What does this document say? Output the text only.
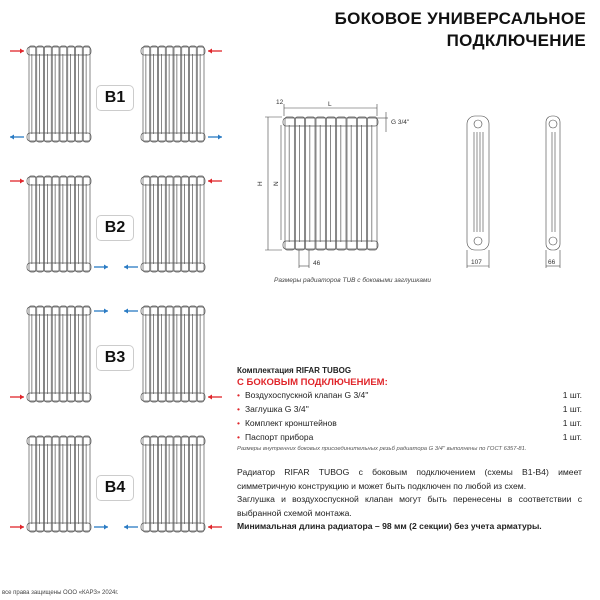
БОКОВОЕ УНИВЕРСАЛЬНОЕ
ПОДКЛЮЧЕНИЕ
В1
В2
В3
В4
12	L
H N
G 3/4''
46	107	66
Размеры радиаторов TUB с боковыми заглушками
Комплектация RIFAR TUBOG
С БОКОВЫМ ПОДКЛЮЧЕНИЕМ:
• Воздухоспускной клапан G 3/4''	1 шт.
• Заглушка G 3/4''	1 шт.
• Комплект кронштейнов	1 шт.
• Паспорт прибора	1 шт.
Размеры внутренних боковых присоединительных резьб радиатора G 3/4'' выполнены по ГОСТ 6357-81.
Радиатор RIFAR TUBOG с боковым подключением (схемы В1-В4) имеет симметричную конструкцию и может быть подключен по любой из схем.
Заглушка и воздухоспускной клапан могут быть перенесены в соответствии с выбранной схемой монтажа.
Минимальная длина радиатора – 98 мм (2 секции) без учета арматуры.
все права защищены ООО «КАРЗ» 2024г.
